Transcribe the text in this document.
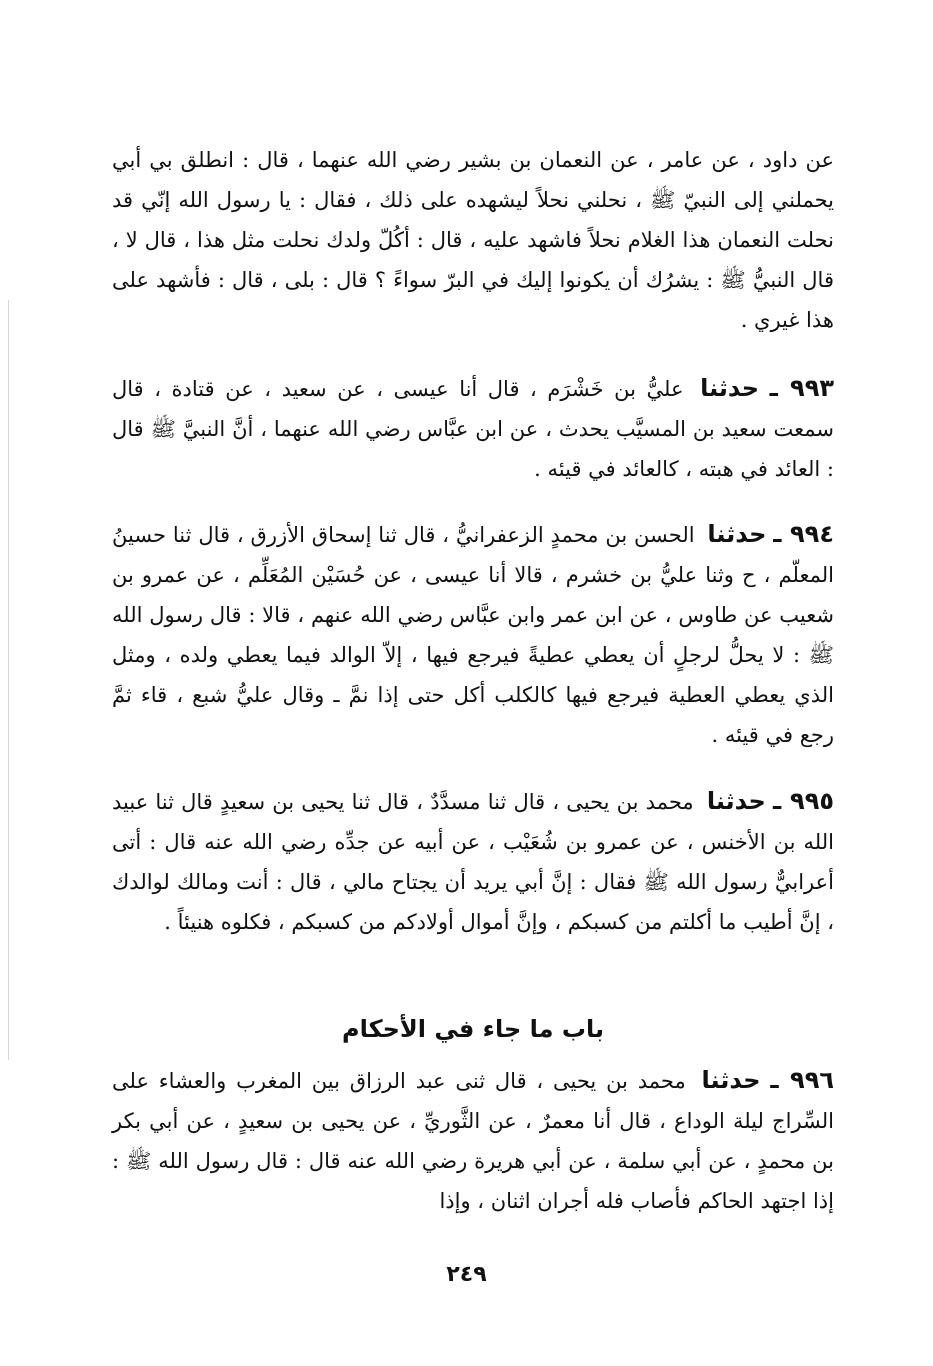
عن داود ، عن عامر ، عن النعمان بن بشير رضي الله عنهما ، قال : انطلق بي أبي يحملني إلى النبيّ ﷺ ، نحلني نحلاً ليشهده على ذلك ، فقال : يا رسول الله إنّي قد نحلت النعمان هذا الغلام نحلاً فاشهد عليه ، قال : أكُلّ ولدك نحلت مثل هذا ، قال لا ، قال النبيُّ ﷺ : يشرُك أن يكونوا إليك في البرّ سواءً ؟ قال : بلى ، قال : فأشهد على هذا غيري .

٩٩٣ ـ حدثنا عليُّ بن خَشْرَم ، قال أنا عيسى ، عن سعيد ، عن قتادة ، قال سمعت سعيد بن المسيَّب يحدث ، عن ابن عبَّاس رضي الله عنهما ، أنَّ النبيَّ ﷺ قال : العائد في هبته ، كالعائد في قيئه .

٩٩٤ ـ حدثنا الحسن بن محمدٍ الزعفرانيُّ ، قال ثنا إسحاق الأزرق ، قال ثنا حسينُ المعلّم ، ح وثنا عليُّ بن خشرم ، قالا أنا عيسى ، عن حُسَيْن المُعَلِّم ، عن عمرو بن شعيب عن طاوس ، عن ابن عمر وابن عبَّاس رضي الله عنهم ، قالا : قال رسول الله ﷺ : لا يحلُّ لرجلٍ أن يعطي عطيةً فيرجع فيها ، إلاّ الوالد فيما يعطي ولده ، ومثل الذي يعطي العطية فيرجع فيها كالكلب أكل حتى إذا نمَّ ـ وقال عليُّ شبع ، قاء ثمَّ رجع في قيئه .

٩٩٥ ـ حدثنا محمد بن يحيى ، قال ثنا مسدَّدٌ ، قال ثنا يحيى بن سعيدٍ قال ثنا عبيد الله بن الأخنس ، عن عمرو بن شُعَيْب ، عن أبيه عن جدِّه رضي الله عنه قال : أتى أعرابيٌّ رسول الله ﷺ فقال : إنَّ أبي يريد أن يجتاح مالي ، قال : أنت ومالك لوالدك ، إنَّ أطيب ما أكلتم من كسبكم ، وإنَّ أموال أولادكم من كسبكم ، فكلوه هنيئاً .

باب ما جاء في الأحكام

٩٩٦ ـ حدثنا محمد بن يحيى ، قال ثنى عبد الرزاق بين المغرب والعشاء على السِّراج ليلة الوداع ، قال أنا معمرٌ ، عن الثَّوريِّ ، عن يحيى بن سعيدٍ ، عن أبي بكر بن محمدٍ ، عن أبي سلمة ، عن أبي هريرة رضي الله عنه قال : قال رسول الله ﷺ : إذا اجتهد الحاكم فأصاب فله أجران اثنان ، وإذا

٢٤٩
